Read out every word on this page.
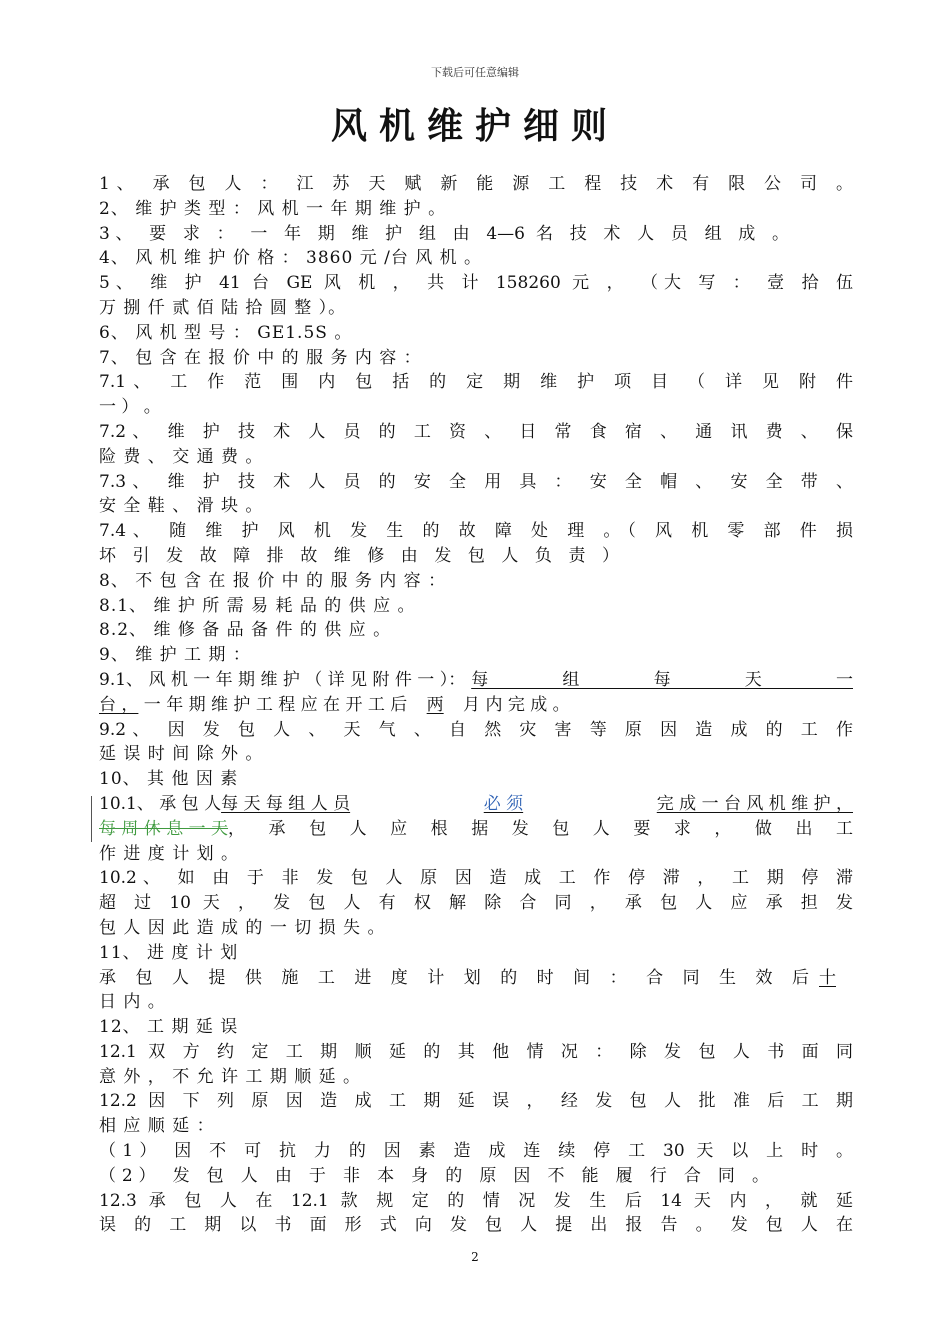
下载后可任意编辑
风机维护细则
1、 承 包 人 ： 江 苏 天 赋 新 能 源 工 程 技 术 有 限 公 司 。
2、 维 护 类 型 ： 风 机 一 年 期 维 护 。
3、 要 求 ： 一 年 期 维 护 组 由 4—6 名 技 术 人 员 组 成 。
4、 风 机 维 护 价 格 ： 3860 元 /台 风 机 。
5、 维 护 41 台 GE 风 机 ， 共 计 158260 元 ， （大 写 ： 壹 拾 伍
万 捌 仟 贰 佰 陆 拾 圆 整 ）。
6、 风 机 型 号 ： GE1.5S 。
7、 包 含 在 报 价 中 的 服 务 内 容 ：
7.1、 工 作 范 围 内 包 括 的 定 期 维 护 项 目 （ 详 见 附 件
一 ） 。
7.2、 维 护 技 术 人 员 的 工 资 、 日 常 食 宿 、 通 讯 费 、 保
险 费 、 交 通 费 。
7.3、 维 护 技 术 人 员 的 安 全 用 具 ： 安 全 帽 、 安 全 带 、
安 全 鞋 、 滑 块 。
7.4、 随 维 护 风 机 发 生 的 故 障 处 理 。（ 风 机 零 部 件 损
坏 引 发 故 障 排 故 维 修 由 发 包 人 负 责 ）
8、 不 包 含 在 报 价 中 的 服 务 内 容 ：
8.1、 维 护 所 需 易 耗 品 的 供 应 。
8.2、 维 修 备 品 备 件 的 供 应 。
9、 维 护 工 期 ：
9.1、 风 机 一 年 期 维 护 （ 详 见 附 件 一 ）： 每 组 每 天 一
台 ， 一 年 期 维 护 工 程 应 在 开 工 后 两 月 内 完 成 。
9.2、 因 发 包 人 、 天 气 、 自 然 灾 害 等 原 因 造 成 的 工 作
延 误 时 间 除 外 。
10、 其 他 因 素
10.1、 承 包 人 每 天 每 组 人 员	必 须	完 成 一 台 风 机 维 护 ，
每 周 休 息 一 天 ， 承 包 人 应 根 据 发 包 人 要 求 ， 做 出 工
作 进 度 计 划 。
10.2、 如 由 于 非 发 包 人 原 因 造 成 工 作 停 滞 ， 工 期 停 滞
超 过 10 天 ， 发 包 人 有 权 解 除 合 同 ， 承 包 人 应 承 担 发
包 人 因 此 造 成 的 一 切 损 失 。
11、 进 度 计 划
承 包 人 提 供 施 工 进 度 计 划 的 时 间 ： 合 同 生 效 后 十
日 内 。
12、 工 期 延 误
12.1 双 方 约 定 工 期 顺 延 的 其 他 情 况 ： 除 发 包 人 书 面 同
意 外 ， 不 允 许 工 期 顺 延 。
12.2 因 下 列 原 因 造 成 工 期 延 误 ， 经 发 包 人 批 准 后 工 期
相 应 顺 延 ：
（1） 因 不 可 抗 力 的 因 素 造 成 连 续 停 工 30 天 以 上 时 。
（2） 发 包 人 由 于 非 本 身 的 原 因 不 能 履 行 合 同 。
12.3 承 包 人 在 12.1 款 规 定 的 情 况 发 生 后 14 天 内 ， 就 延
误 的 工 期 以 书 面 形 式 向 发 包 人 提 出 报 告 。 发 包 人 在
2
